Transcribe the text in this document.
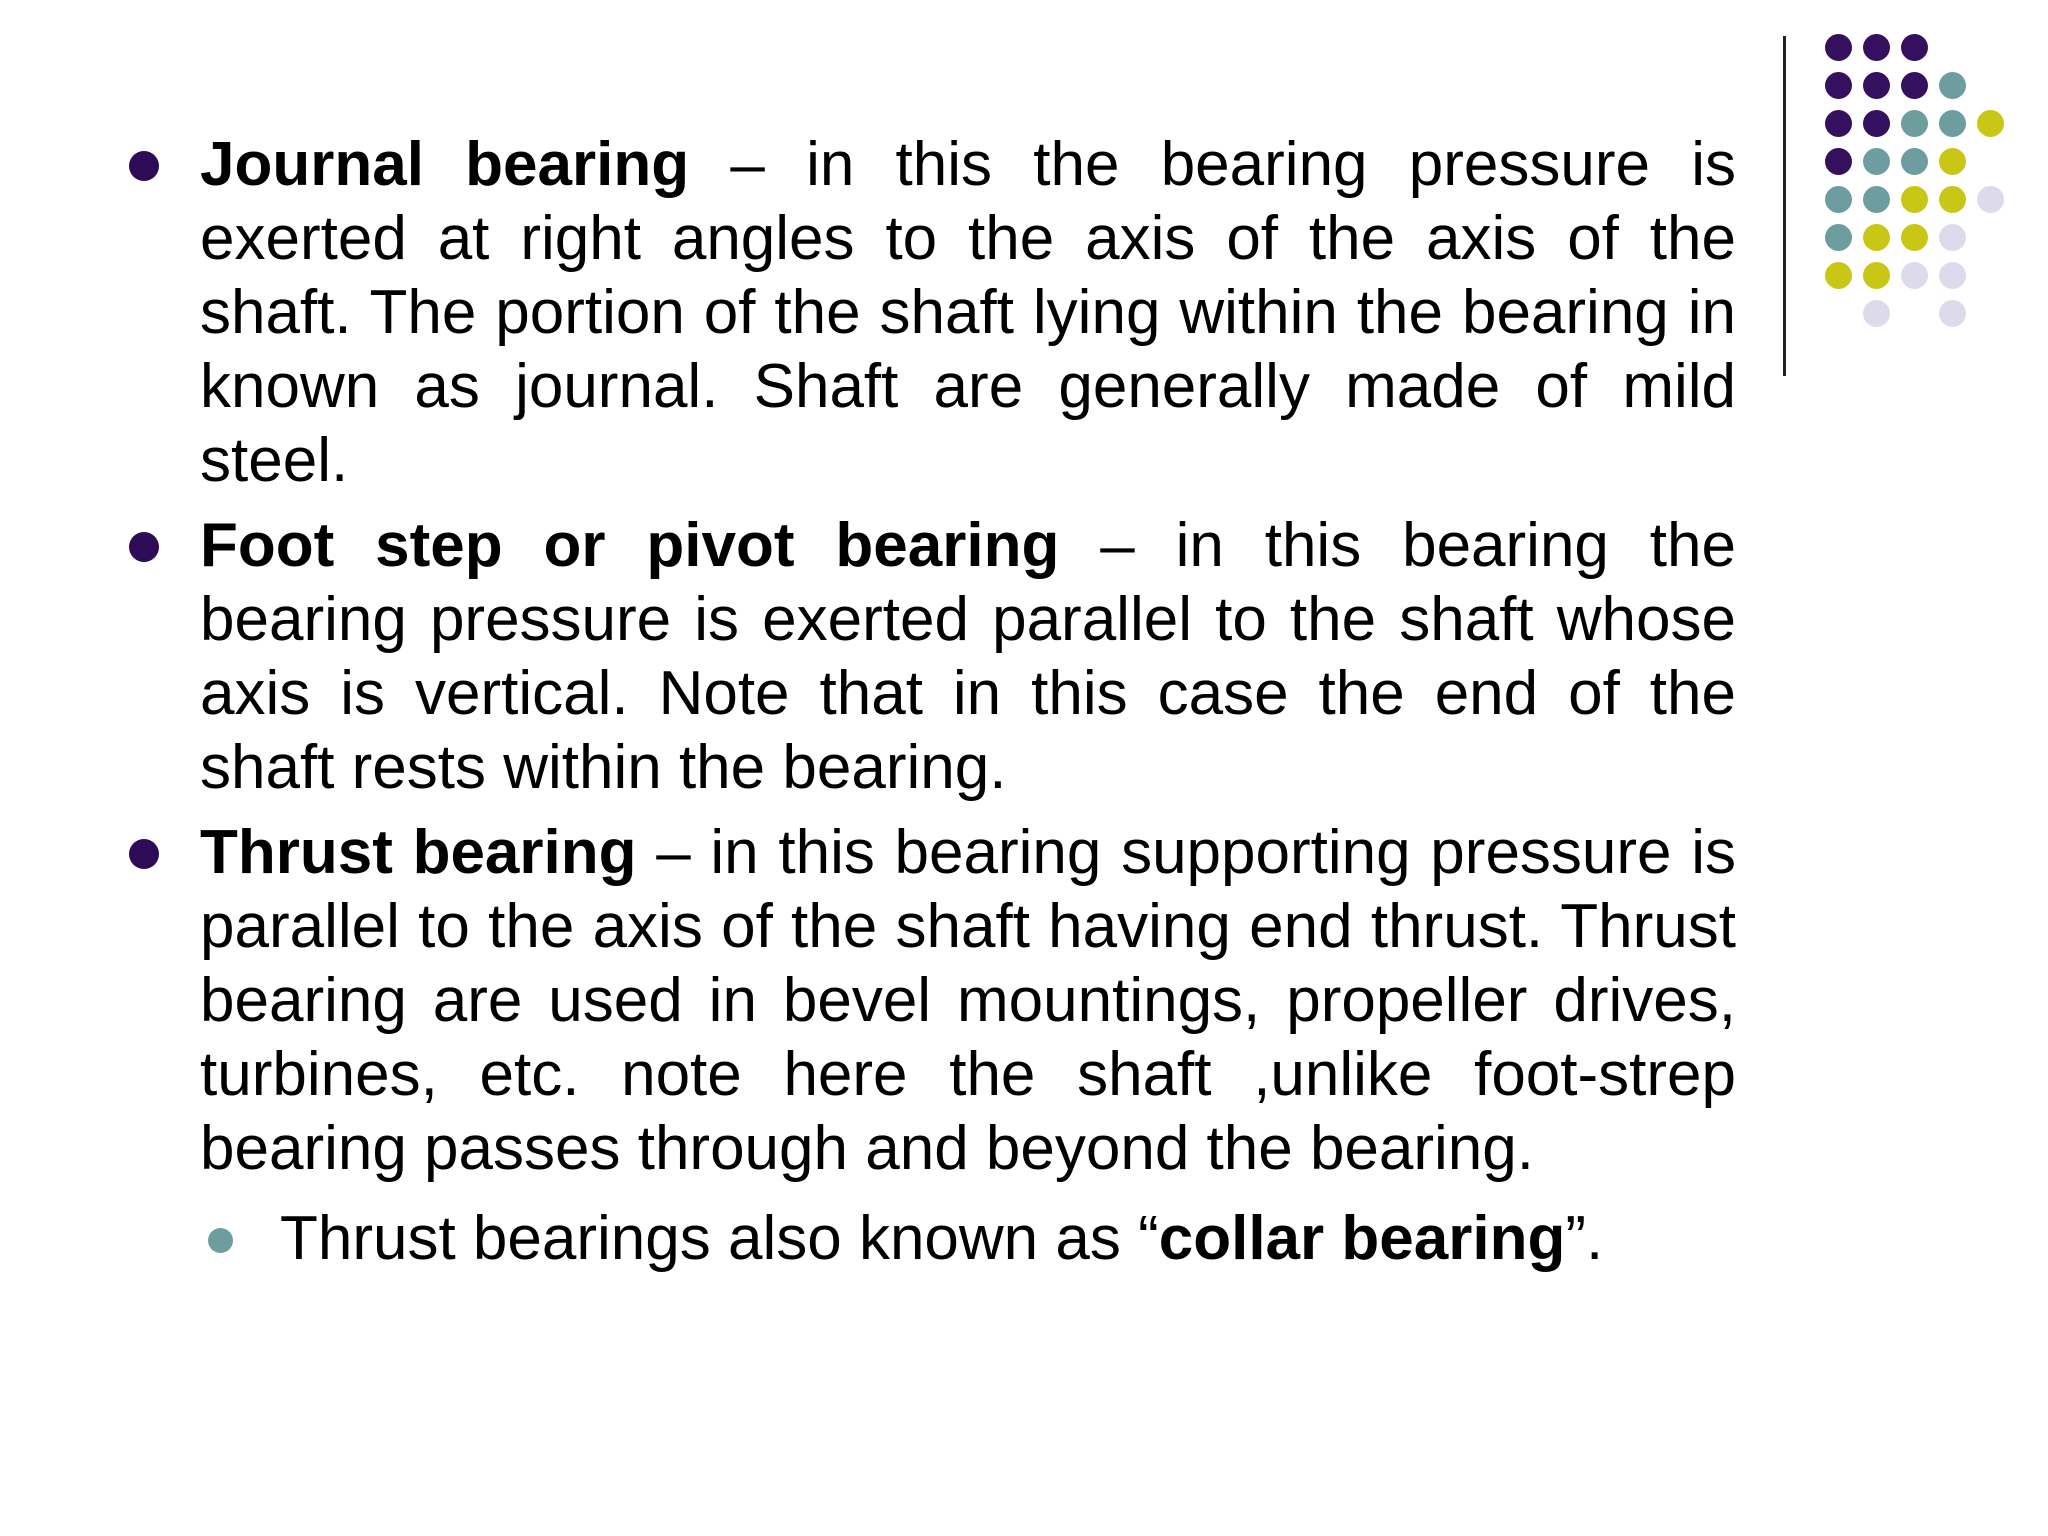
Journal bearing – in this the bearing pressure is exerted at right angles to the axis of the axis of the shaft. The portion of the shaft lying within the bearing in known as journal. Shaft are generally made of mild steel.

Foot step or pivot bearing – in this bearing the bearing pressure is exerted parallel to the shaft whose axis is vertical. Note that in this case the end of the shaft rests within the bearing.

Thrust bearing – in this bearing supporting pressure is parallel to the axis of the shaft having end thrust. Thrust bearing are used in bevel mountings, propeller drives, turbines, etc. note here the shaft ,unlike foot-strep bearing passes through and beyond the bearing.

Thrust bearings also known as “collar bearing”.
